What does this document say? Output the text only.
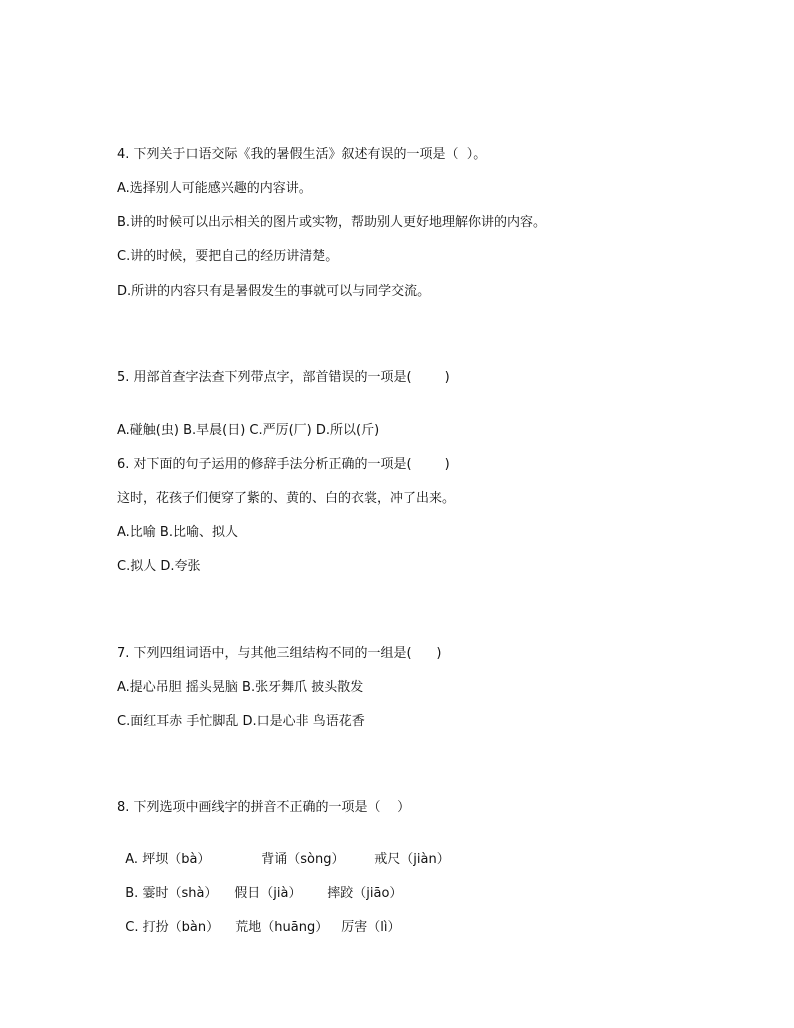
4. 下列关于口语交际《我的暑假生活》叙述有误的一项是（  ）。
A.选择别人可能感兴趣的内容讲。
B.讲的时候可以出示相关的图片或实物，帮助别人更好地理解你讲的内容。
C.讲的时候，要把自己的经历讲清楚。
D.所讲的内容只有是暑假发生的事就可以与同学交流。
5. 用部首查字法查下列带点字，部首错误的一项是(        )
A.碰触(虫) B.早晨(日) C.严厉(厂) D.所以(斤)
6. 对下面的句子运用的修辞手法分析正确的一项是(        )
这时，花孩子们便穿了紫的、黄的、白的衣裳，冲了出来。
A.比喻 B.比喻、拟人
C.拟人 D.夸张
7. 下列四组词语中，与其他三组结构不同的一组是(      )
A.提心吊胆 摇头晃脑 B.张牙舞爪 披头散发
C.面红耳赤 手忙脚乱 D.口是心非 鸟语花香
8. 下列选项中画线字的拼音不正确的一项是（    ）

A. 坪坝（bà）	背诵（sòng） 戒尺（jiàn）

B. 霎时（shà） 假日（jià） 摔跤（jiāo）

C. 打扮（bàn） 荒地（huāng） 厉害（lì）
